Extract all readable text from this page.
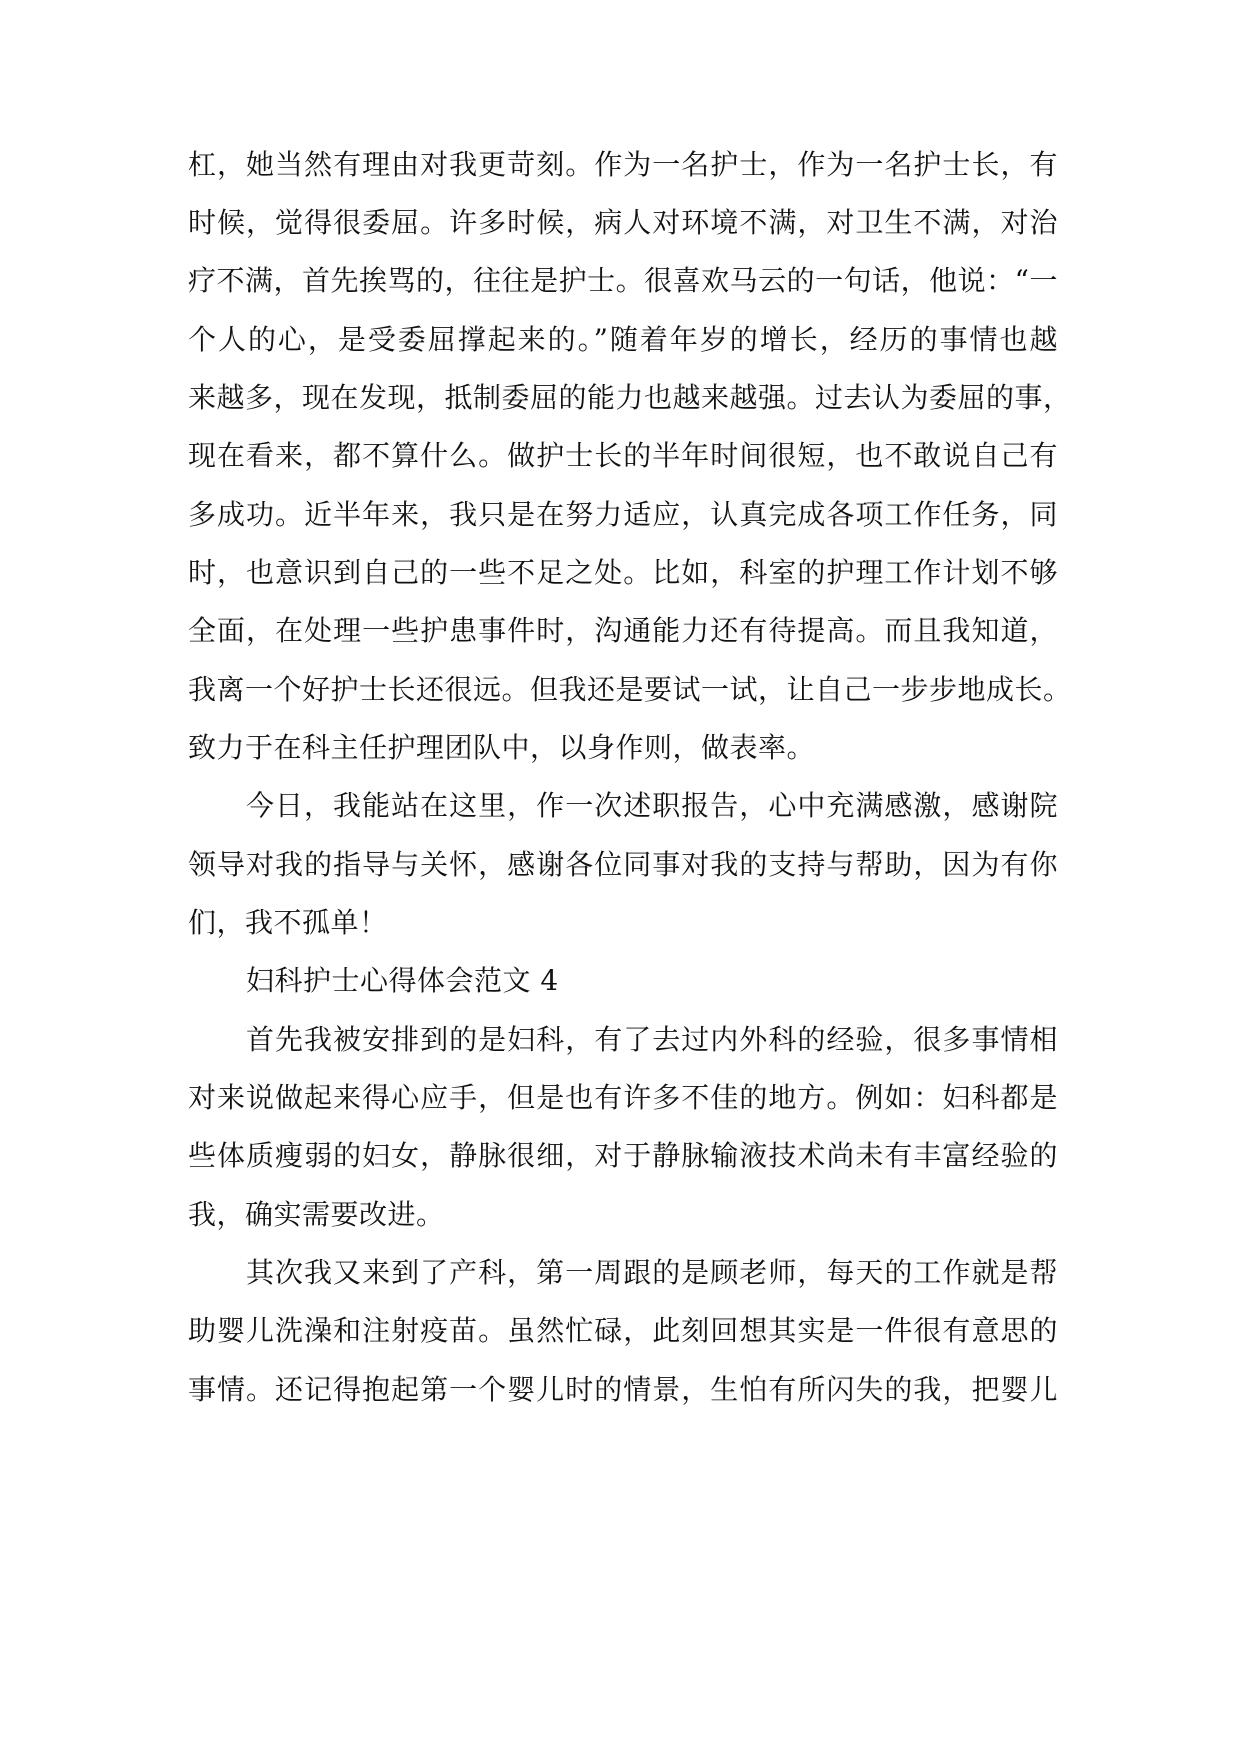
杠，她当然有理由对我更苛刻。作为一名护士，作为一名护士长，有
时候，觉得很委屈。许多时候，病人对环境不满，对卫生不满，对治
疗不满，首先挨骂的，往往是护士。很喜欢马云的一句话，他说：“一
个人的心，是受委屈撑起来的。”随着年岁的增长，经历的事情也越
来越多，现在发现，抵制委屈的能力也越来越强。过去认为委屈的事，
现在看来，都不算什么。做护士长的半年时间很短，也不敢说自己有
多成功。近半年来，我只是在努力适应，认真完成各项工作任务，同
时，也意识到自己的一些不足之处。比如，科室的护理工作计划不够
全面，在处理一些护患事件时，沟通能力还有待提高。而且我知道，
我离一个好护士长还很远。但我还是要试一试，让自己一步步地成长。
致力于在科主任护理团队中，以身作则，做表率。
今日，我能站在这里，作一次述职报告，心中充满感激，感谢院
领导对我的指导与关怀，感谢各位同事对我的支持与帮助，因为有你
们，我不孤单！
妇科护士心得体会范文 4
首先我被安排到的是妇科，有了去过内外科的经验，很多事情相
对来说做起来得心应手，但是也有许多不佳的地方。例如：妇科都是
些体质瘦弱的妇女，静脉很细，对于静脉输液技术尚未有丰富经验的
我，确实需要改进。
其次我又来到了产科，第一周跟的是顾老师，每天的工作就是帮
助婴儿洗澡和注射疫苗。虽然忙碌，此刻回想其实是一件很有意思的
事情。还记得抱起第一个婴儿时的情景，生怕有所闪失的我，把婴儿
